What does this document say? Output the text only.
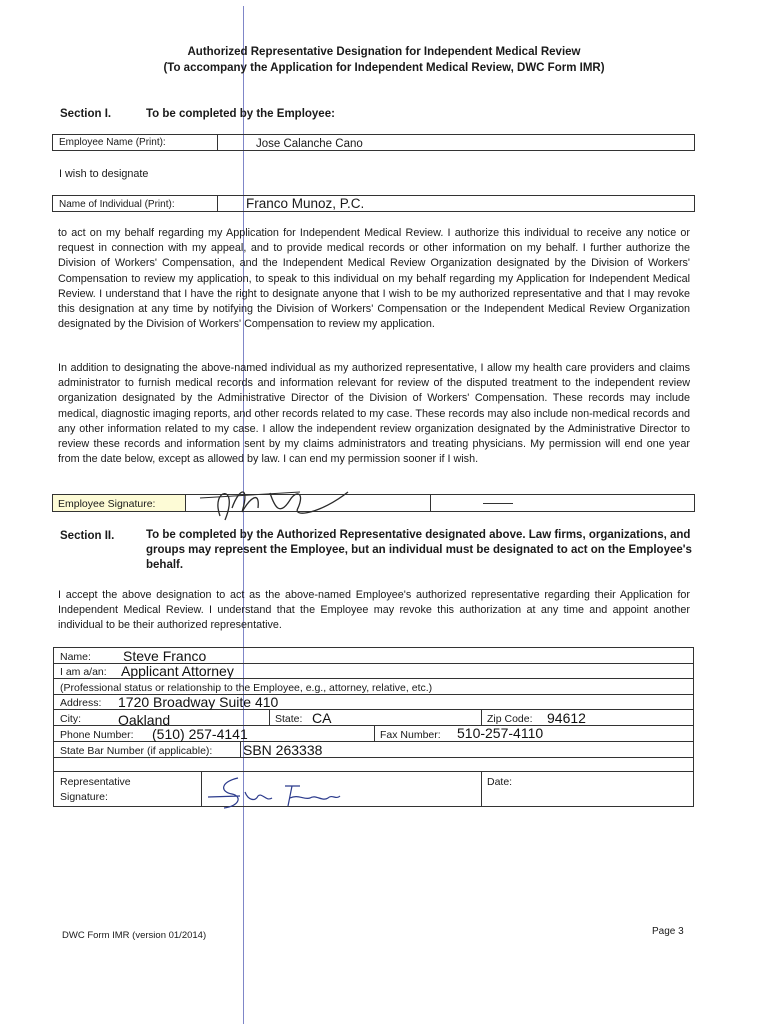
Authorized Representative Designation for Independent Medical Review
(To accompany the Application for Independent Medical Review, DWC Form IMR)
Section I.	To be completed by the Employee:
Employee Name (Print):	Jose Calanche Cano
I wish to designate
Name of Individual (Print):	Franco Munoz, P.C.
to act on my behalf regarding my Application for Independent Medical Review. I authorize this individual to receive any notice or request in connection with my appeal, and to provide medical records or other information on my behalf. I further authorize the Division of Workers' Compensation, and the Independent Medical Review Organization designated by the Division of Workers' Compensation to review my application, to speak to this individual on my behalf regarding my Application for Independent Medical Review. I understand that I have the right to designate anyone that I wish to be my authorized representative and that I may revoke this designation at any time by notifying the Division of Workers' Compensation or the Independent Medical Review Organization designated by the Division of Workers' Compensation to review my application.
In addition to designating the above-named individual as my authorized representative, I allow my health care providers and claims administrator to furnish medical records and information relevant for review of the disputed treatment to the independent review organization designated by the Administrative Director of the Division of Workers' Compensation. These records may include medical, diagnostic imaging reports, and other records related to my case. These records may also include non-medical records and any other information related to my case. I allow the independent review organization designated by the Administrative Director to review these records and information sent by my claims administrators and treating physicians. My permission will end one year from the date below, except as allowed by law. I can end my permission sooner if I wish.
Employee Signature:
Section II.	To be completed by the Authorized Representative designated above. Law firms, organizations, and groups may represent the Employee, but an individual must be designated to act on the Employee's behalf.
I accept the above designation to act as the above-named Employee's authorized representative regarding their Application for Independent Medical Review. I understand that the Employee may revoke this authorization at any time and appoint another individual to be their authorized representative.
Name: Steve Franco
I am a/an: Applicant Attorney
(Professional status or relationship to the Employee, e.g., attorney, relative, etc.)
Address: 1720 Broadway Suite 410
City:	Oakland	State: CA	Zip Code: 94612
Phone Number: (510) 257-4141	Fax Number: 510-257-4110
State Bar Number (if applicable): SBN 263338
Representative
Signature:
Date:
DWC Form IMR (version 01/2014)	Page 3
